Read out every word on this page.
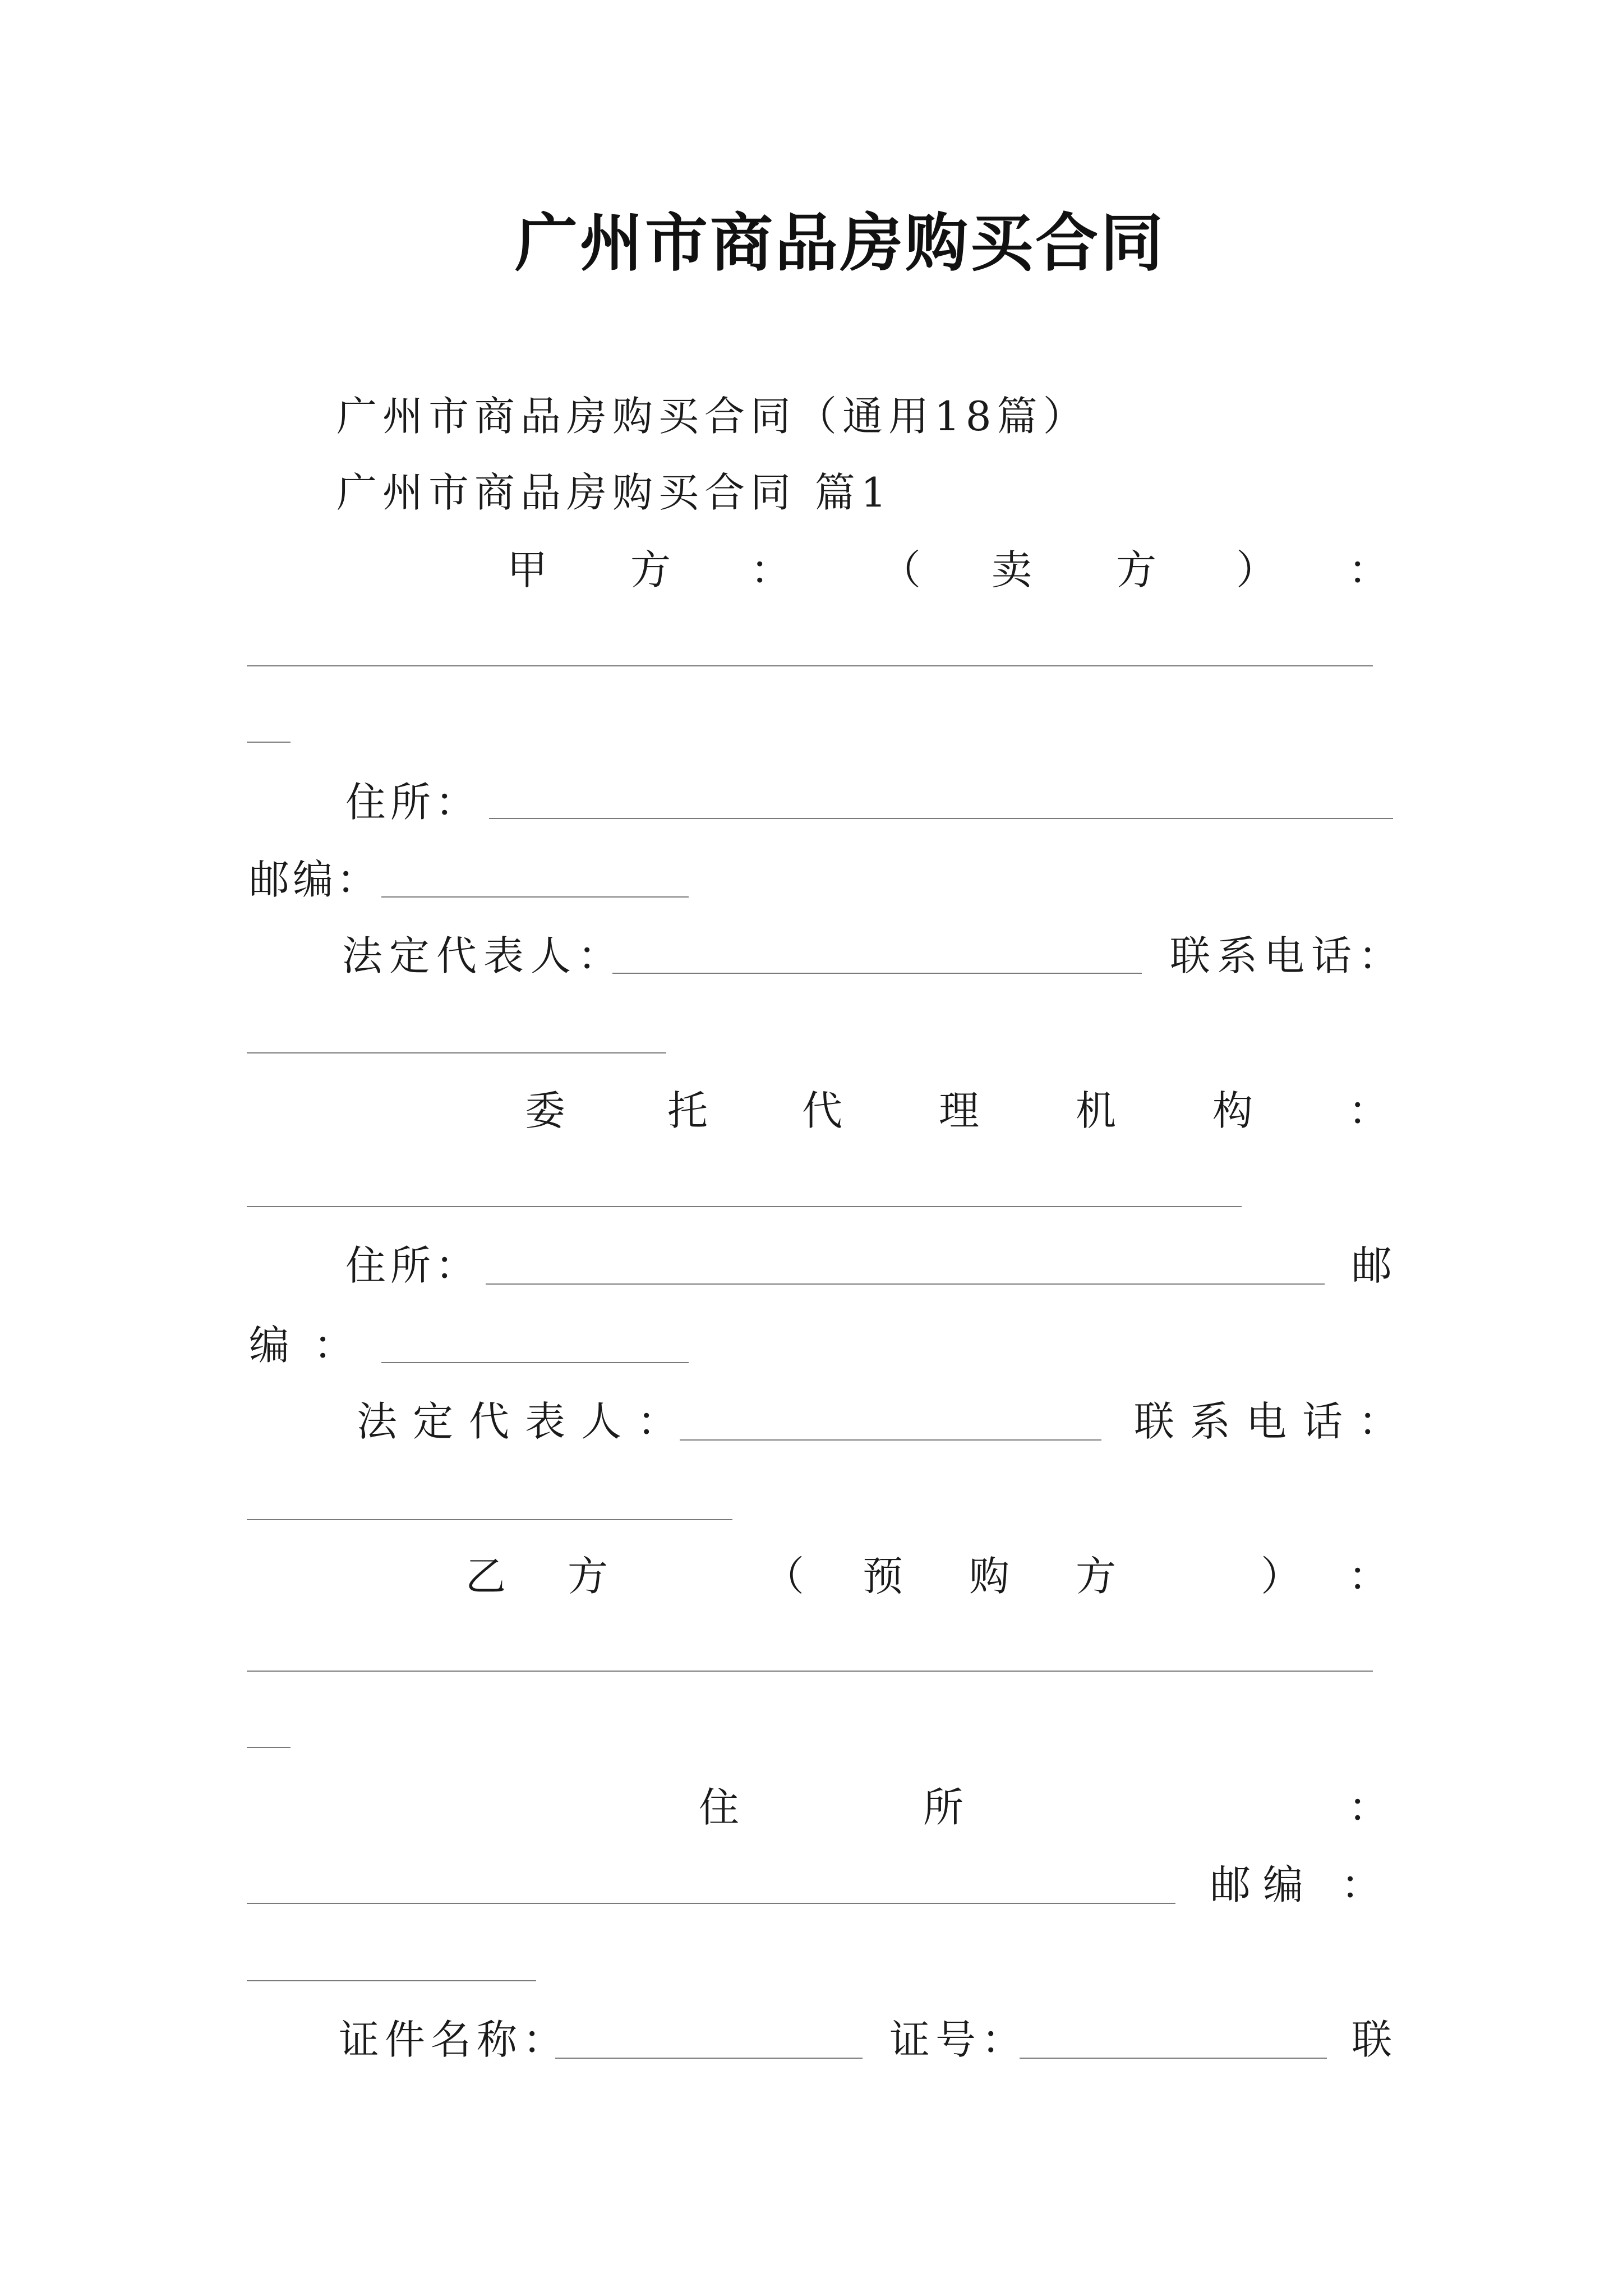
广州市商品房购买合同
广州市商品房购买合同（通用18篇）
广州市商品房购买合同 篇1
甲 方 ： （ 卖 方 ） ：
住所：
邮编：
法定代表人：	联系电话：
委	托 代 理 机 构 ：
住所：	邮
编 ：
法定代表人：	联系电话：
乙 方	（ 预 购 方	） ：
住	所	：
邮编 ：
证件名称：	证号：	联
